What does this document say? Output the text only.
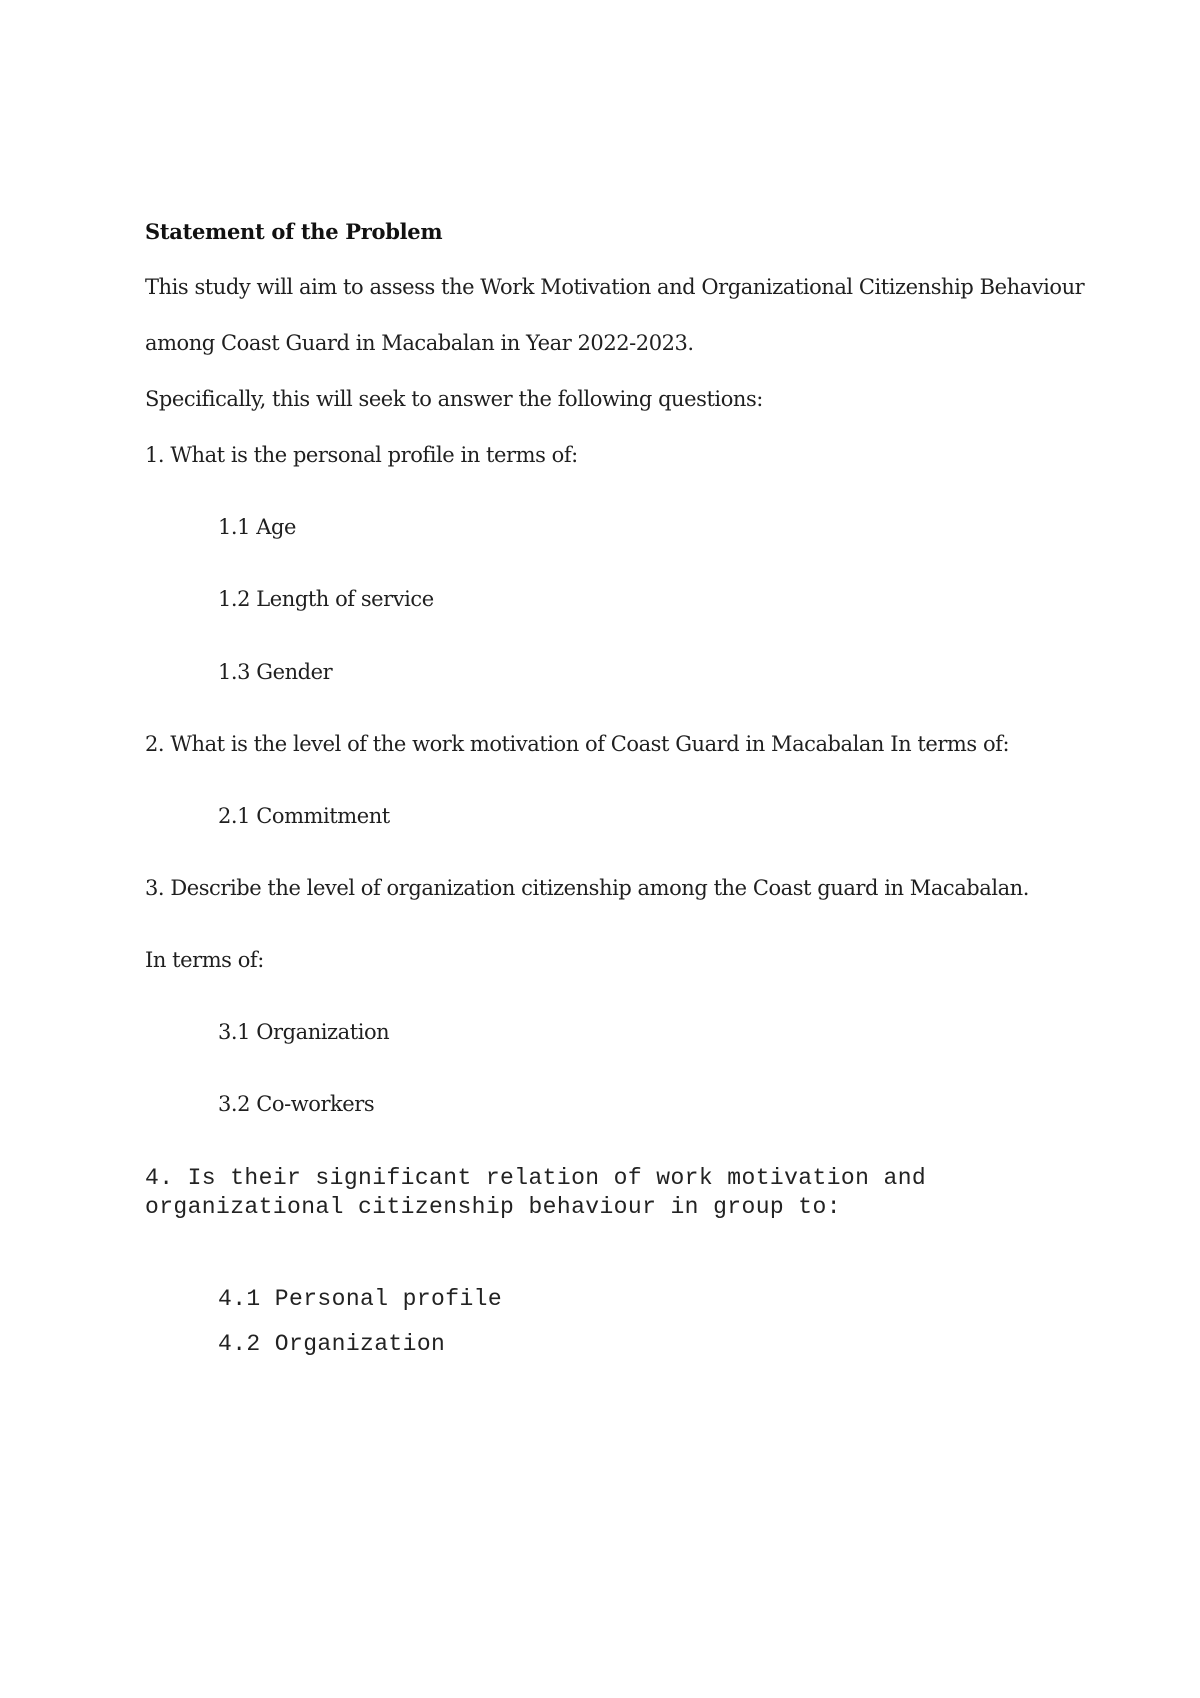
Statement of the Problem
This study will aim to assess the Work Motivation and Organizational Citizenship Behaviour
among Coast Guard in Macabalan in Year 2022-2023.
Specifically, this will seek to answer the following questions:
1. What is the personal profile in terms of:
1.1 Age
1.2 Length of service
1.3 Gender
2. What is the level of the work motivation of Coast Guard in Macabalan In terms of:
2.1 Commitment
3. Describe the level of organization citizenship among the Coast guard in Macabalan.
In terms of:
3.1 Organization
3.2 Co-workers
4. Is their significant relation of work motivation and
organizational citizenship behaviour in group to:
4.1 Personal profile
4.2 Organization
